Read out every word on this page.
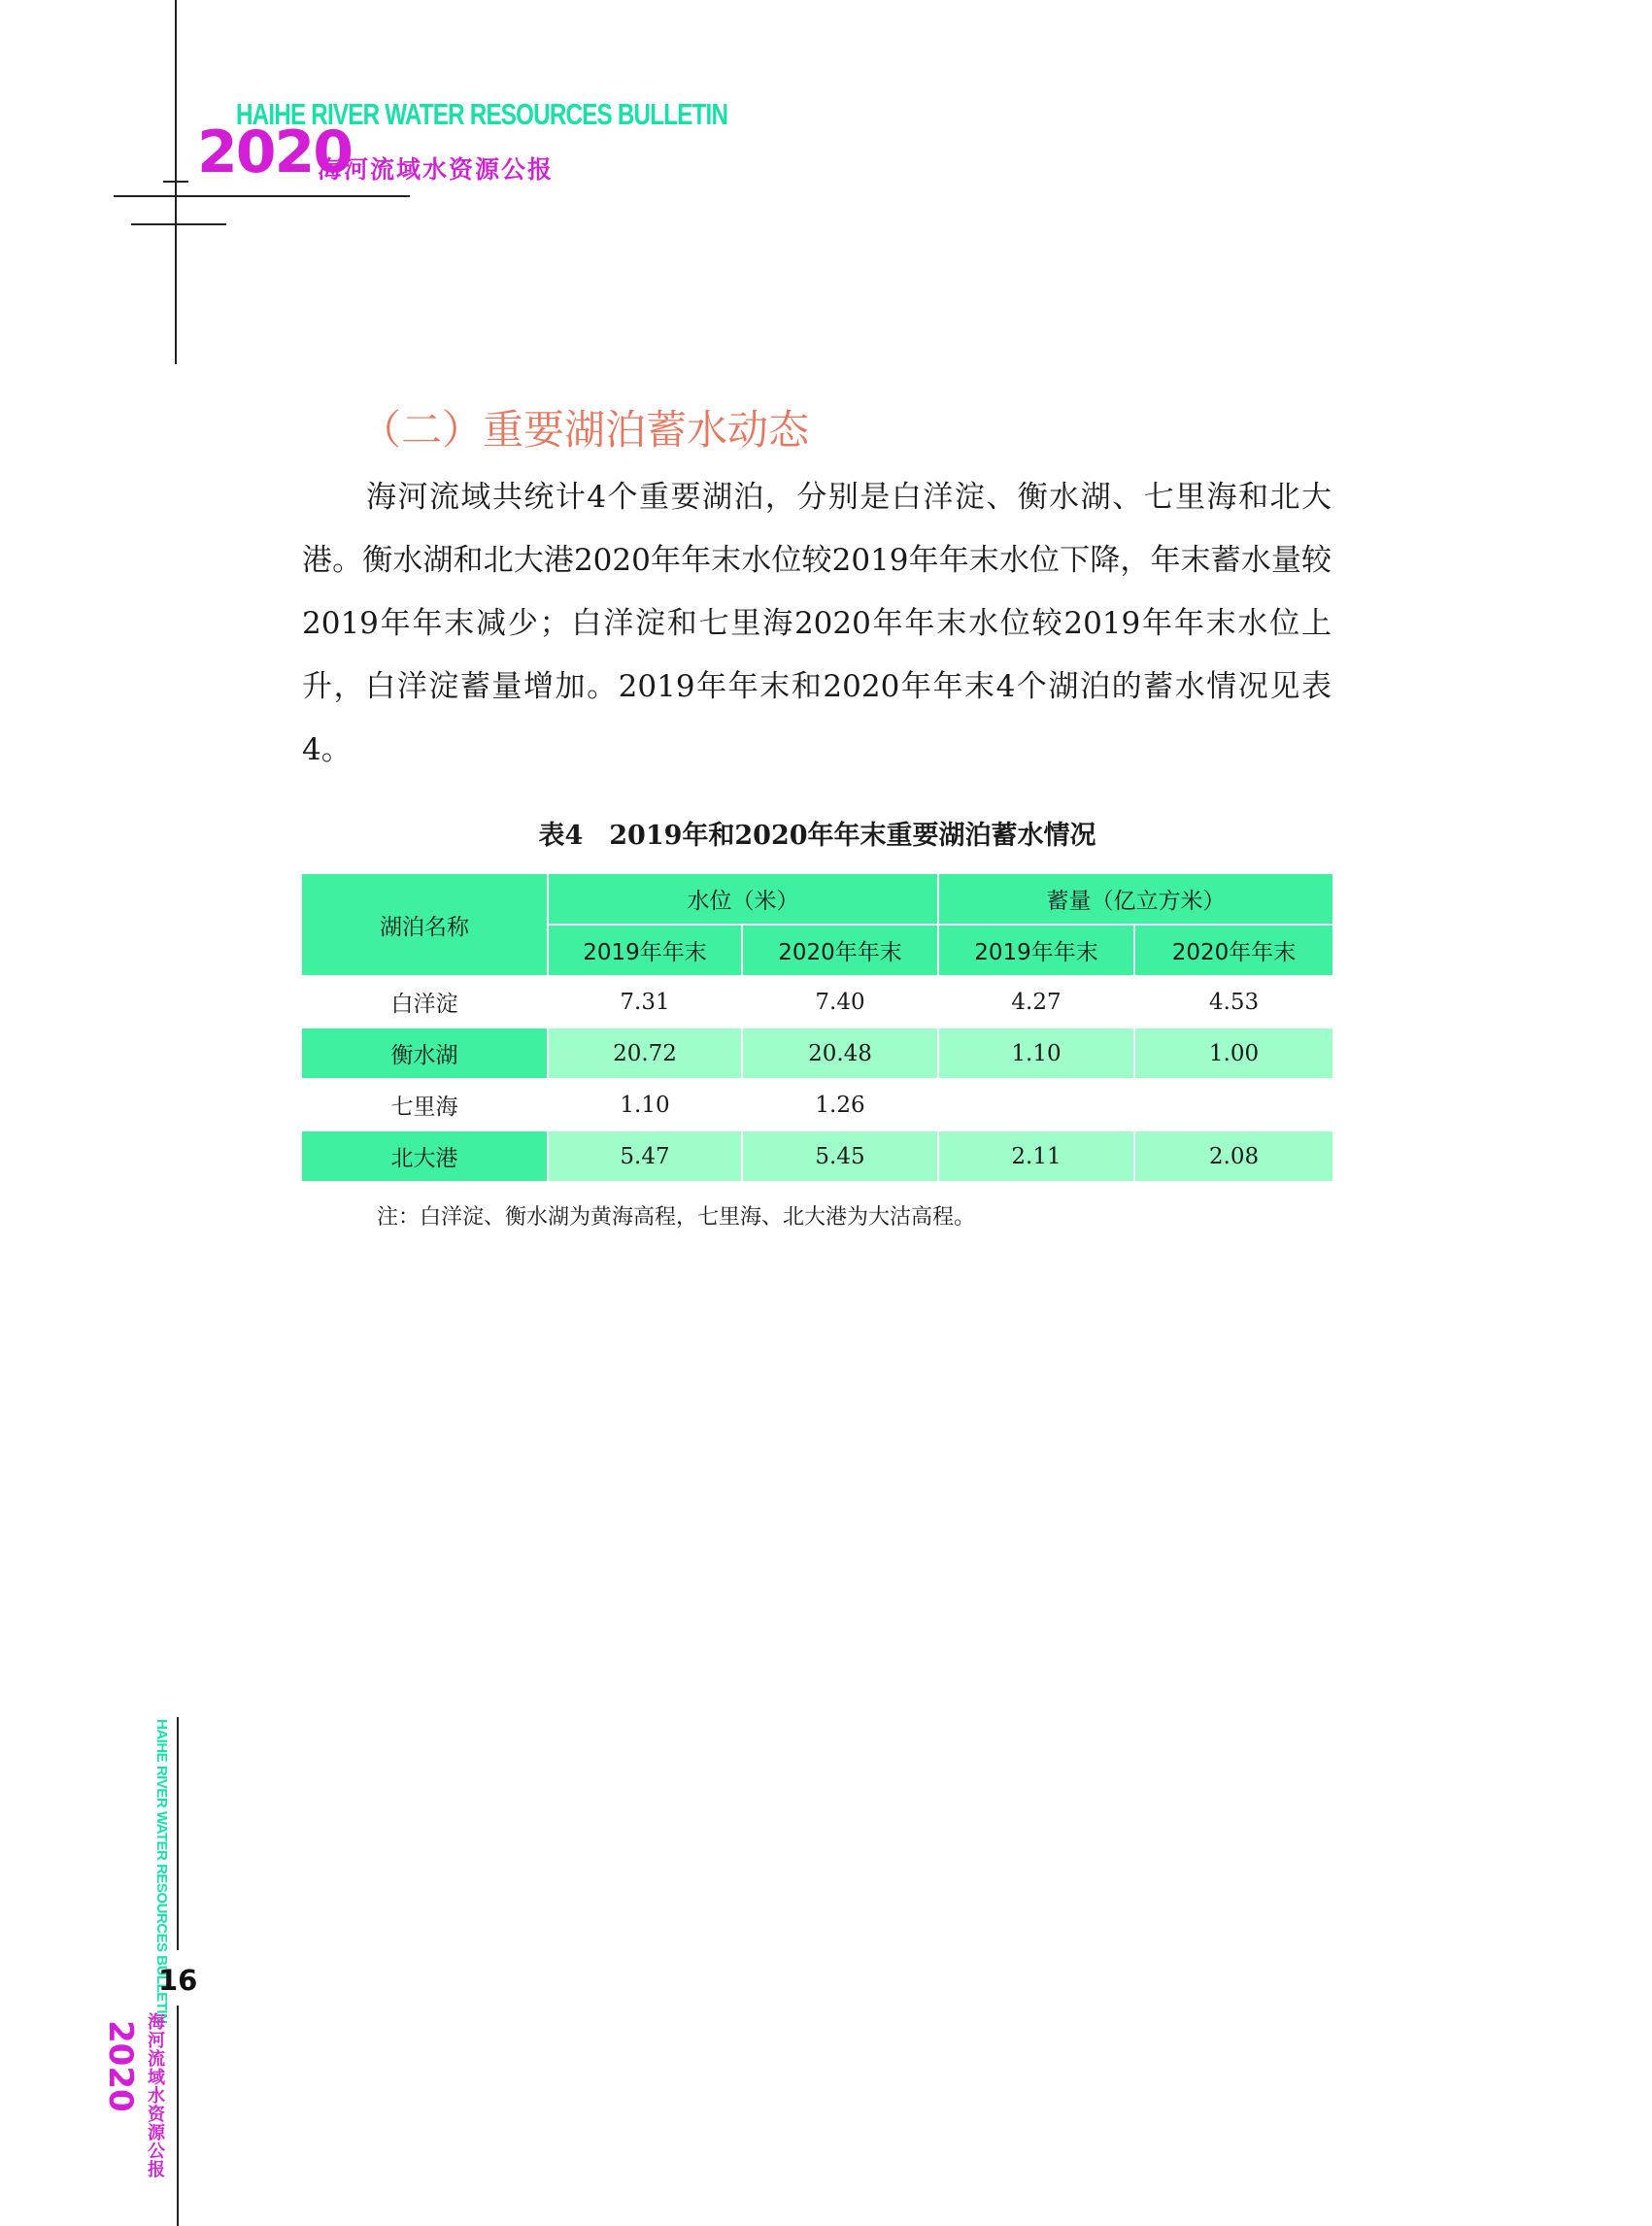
HAIHE RIVER WATER RESOURCES BULLETIN
2020
海河流域水资源公报
（二）重要湖泊蓄水动态

海河流域共统计4个重要湖泊，分别是白洋淀、衡水湖、七里海和北大港。衡水湖和北大港2020年年末水位较2019年年末水位下降，年末蓄水量较2019年年末减少；白洋淀和七里海2020年年末水位较2019年年末水位上升，白洋淀蓄量增加。2019年年末和2020年年末4个湖泊的蓄水情况见表4。

表4　2019年和2020年年末重要湖泊蓄水情况
湖泊名称	水位（米）		蓄量（亿立方米）	
	2019年年末	2020年年末	2019年年末	2020年年末
白洋淀	7.31	7.40	4.27	4.53
衡水湖	20.72	20.48	1.10	1.00
七里海	1.10	1.26		
北大港	5.47	5.45	2.11	2.08
注：白洋淀、衡水湖为黄海高程，七里海、北大港为大沽高程。
HAIHE RIVER WATER RESOURCES BULLETIN
16
2020 海河流域水资源公报
